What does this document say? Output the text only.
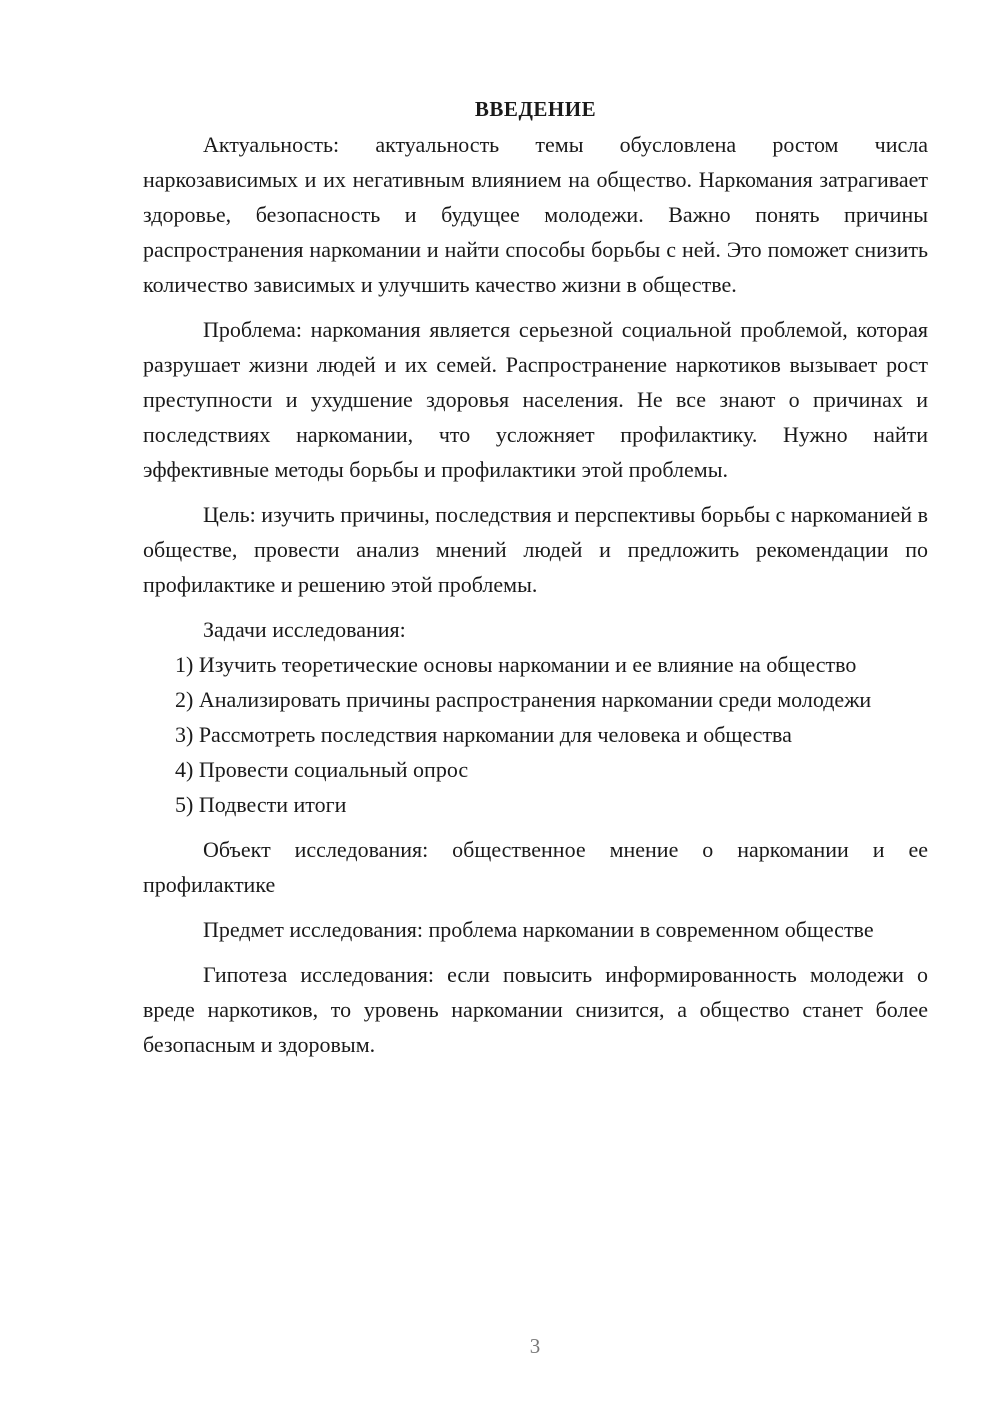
ВВЕДЕНИЕ

Актуальность: актуальность темы обусловлена ростом числа наркозависимых и их негативным влиянием на общество. Наркомания затрагивает здоровье, безопасность и будущее молодежи. Важно понять причины распространения наркомании и найти способы борьбы с ней. Это поможет снизить количество зависимых и улучшить качество жизни в обществе.

Проблема: наркомания является серьезной социальной проблемой, которая разрушает жизни людей и их семей. Распространение наркотиков вызывает рост преступности и ухудшение здоровья населения. Не все знают о причинах и последствиях наркомании, что усложняет профилактику. Нужно найти эффективные методы борьбы и профилактики этой проблемы.

Цель: изучить причины, последствия и перспективы борьбы с наркоманией в обществе, провести анализ мнений людей и предложить рекомендации по профилактике и решению этой проблемы.

Задачи исследования:

1) Изучить теоретические основы наркомании и ее влияние на общество

2) Анализировать причины распространения наркомании среди молодежи

3) Рассмотреть последствия наркомании для человека и общества

4) Провести социальный опрос

5) Подвести итоги

Объект исследования: общественное мнение о наркомании и ее профилактике

Предмет исследования: проблема наркомании в современном обществе

Гипотеза исследования: если повысить информированность молодежи о вреде наркотиков, то уровень наркомании снизится, а общество станет более безопасным и здоровым.

3
